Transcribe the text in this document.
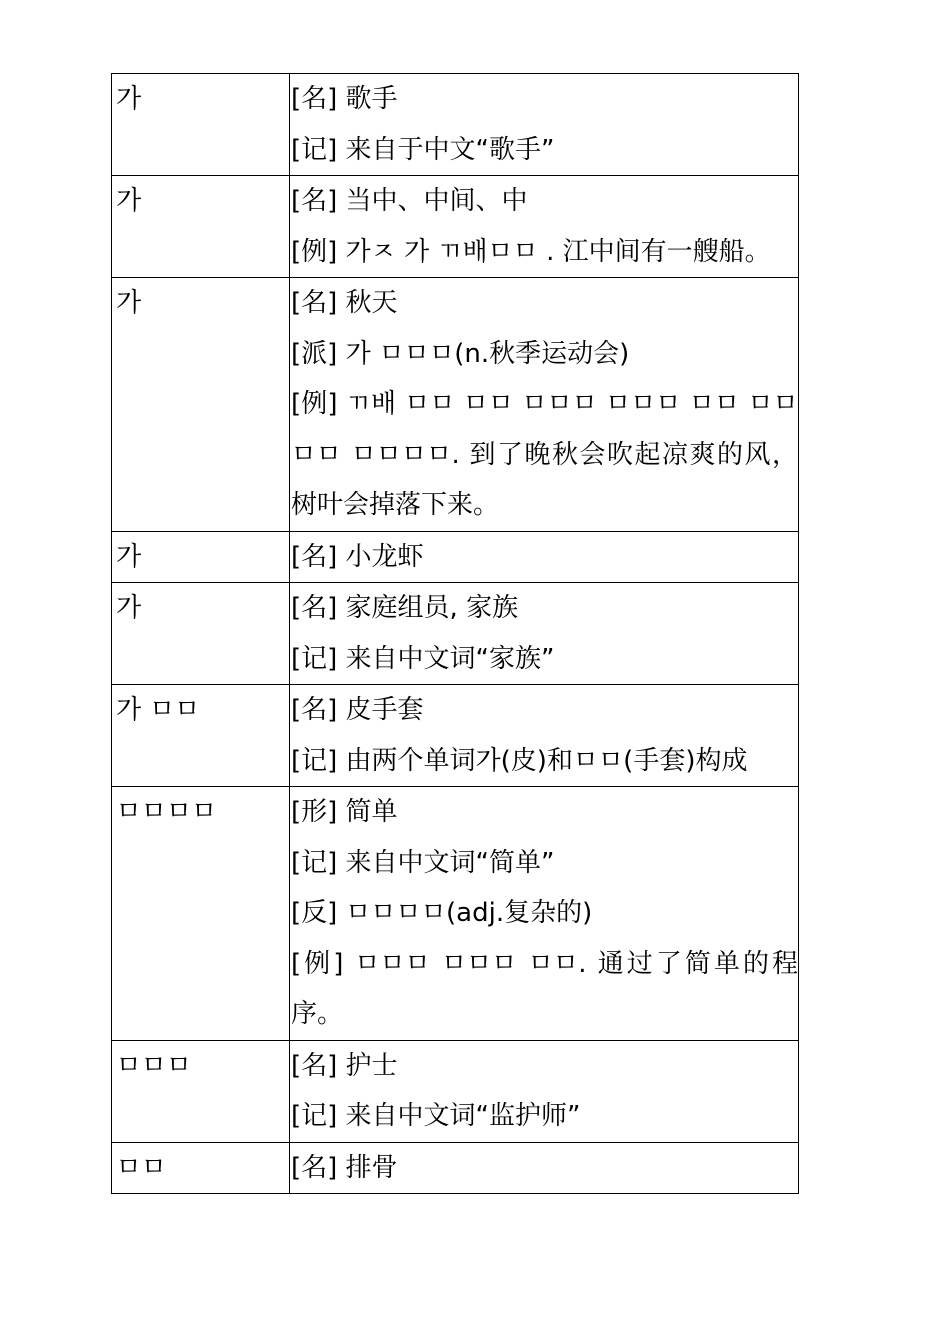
가	[名] 歌手
[记] 来自于中文“歌手”

가	[名] 当中、中间、中
[例] 가ㅈ 가 ㄲ배ㅁㅁ . 江中间有一艘船。

가	[名] 秋天
[派] 가 ㅁㅁㅁ(n.秋季运动会)
[例] ㄲ배 ㅁㅁ ㅁㅁ ㅁㅁㅁ ㅁㅁㅁ ㅁㅁ ㅁㅁㅁㅁ ㅁㅁㅁㅁ. 到了晚秋会吹起凉爽的风，树叶会掉落下来。

가	[名] 小龙虾

가	[名] 家庭组员, 家族
[记] 来自中文词“家族”

가 ㅁㅁ	[名] 皮手套
[记] 由两个单词가(皮)和ㅁㅁ(手套)构成

ㅁㅁㅁㅁ	[形] 简单
[记] 来自中文词“简单”
[反] ㅁㅁㅁㅁ(adj.复杂的)
[例] ㅁㅁㅁ ㅁㅁㅁ ㅁㅁ. 通过了简单的程序。

ㅁㅁㅁ	[名] 护士
[记] 来自中文词“监护师”

ㅁㅁ	[名] 排骨
